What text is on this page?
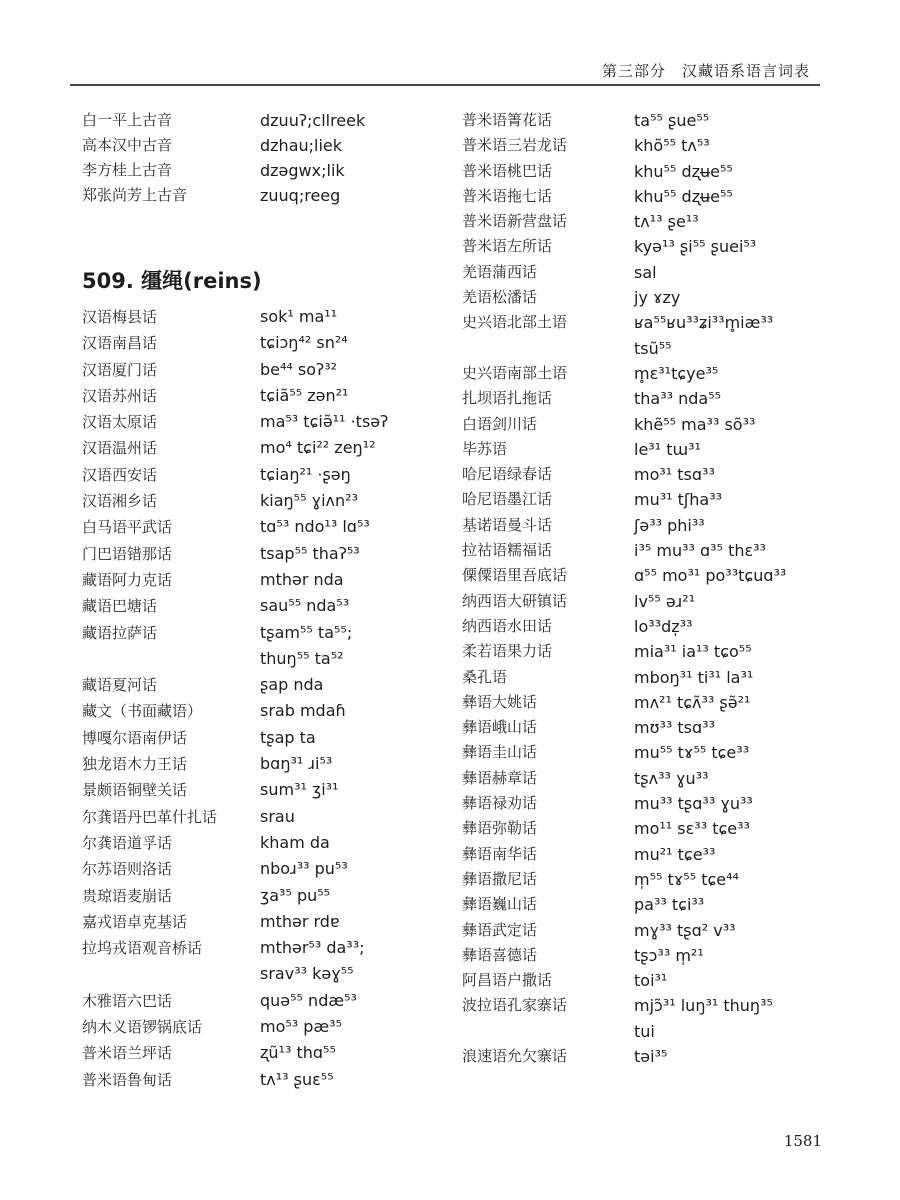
第三部分　汉藏语系语言词表
白一平上古音	dzuuʔ;cllreek
高本汉中古音	dzhau;liek
李方桂上古音	dzəgwx;lik
郑张尚芳上古音	zuuq;reeg
509. 缰绳(reins)
汉语梅县话	sok¹ ma¹¹
汉语南昌话	tɕiɔŋ⁴² sn²⁴
汉语厦门话	be⁴⁴ soʔ³²
汉语苏州话	tɕiã⁵⁵ zən²¹
汉语太原话	ma⁵³ tɕiə̃¹¹ ·tsəʔ
汉语温州话	mo⁴ tɕi²² zeŋ¹²
汉语西安话	tɕiaŋ²¹ ·ʂəŋ
汉语湘乡话	kiaŋ⁵⁵ ɣiʌn²³
白马语平武话	tɑ⁵³ ndo¹³ lɑ⁵³
门巴语错那话	tsap⁵⁵ thaʔ⁵³
藏语阿力克话	mthər nda
藏语巴塘话	sau⁵⁵ nda⁵³
藏语拉萨话	tʂam⁵⁵ ta⁵⁵;
thuŋ⁵⁵ ta⁵²
藏语夏河话	ʂap nda
藏文（书面藏语）	srab mdaɦ
博嘎尔语南伊话	tʂap ta
独龙语木力王话	bɑŋ³¹ ɹi⁵³
景颇语铜壁关话	sum³¹ ʒi³¹
尔龚语丹巴革什扎话	srau
尔龚语道孚话	kham da
尔苏语则洛话	nboɹ³³ pu⁵³
贵琼语麦崩话	ʒa³⁵ pu⁵⁵
嘉戎语卓克基话	mthər rdɐ
拉坞戎语观音桥话	mthər⁵³ da³³;
srav³³ kəɣ⁵⁵
木雅语六巴话	quə⁵⁵ ndæ⁵³
纳木义语锣锅底话	mo⁵³ pæ³⁵
普米语兰坪话	ʐũ¹³ thɑ⁵⁵
普米语鲁甸话	tʌ¹³ ʂuɛ⁵⁵
普米语箐花话	ta⁵⁵ ʂue⁵⁵
普米语三岩龙话	khõ⁵⁵ tʌ⁵³
普米语桃巴话	khu⁵⁵ dʐʉe⁵⁵
普米语拖七话	khu⁵⁵ dʐʉe⁵⁵
普米语新营盘话	tʌ¹³ ʂe¹³
普米语左所话	kyə¹³ ʂi⁵⁵ ʂuei⁵³
羌语蒲西话	sal
羌语松潘话	jy ɤzy
史兴语北部土语	ʁa⁵⁵ʁu³³ʑi³³m̥iæ³³
tsũ⁵⁵
史兴语南部土语	m̥ɛ³¹tɕye³⁵
扎坝语扎拖话	tha³³ nda⁵⁵
白语剑川话	khẽ⁵⁵ ma³³ sõ³³
毕苏语	le³¹ tɯ³¹
哈尼语绿春话	mo³¹ tsɑ³³
哈尼语墨江话	mu³¹ tʃha³³
基诺语曼斗话	ʃə³³ phi³³
拉祜语糯福话	i³⁵ mu³³ ɑ³⁵ thɛ³³
傈僳语里吾底话	ɑ⁵⁵ mo³¹ po³³tɕuɑ³³
纳西语大研镇话	lv⁵⁵ əɹ²¹
纳西语水田话	lo³³dz̩³³
柔若语果力话	mia³¹ ia¹³ tɕo⁵⁵
桑孔语	mboŋ³¹ ti³¹ la³¹
彝语大姚话	mʌ²¹ tɕʌ̃³³ ʂə̃²¹
彝语峨山话	mʊ³³ tsɑ³³
彝语圭山话	mu⁵⁵ tɤ⁵⁵ tɕe³³
彝语赫章话	tʂʌ³³ ɣu³³
彝语禄劝话	mu³³ tʂɑ³³ ɣu³³
彝语弥勒话	mo¹¹ sɛ³³ tɕe³³
彝语南华话	mu²¹ tɕe³³
彝语撒尼话	m̩⁵⁵ tɤ⁵⁵ tɕe⁴⁴
彝语巍山话	pa³³ tɕi³³
彝语武定话	mɣ³³ tʂɑ² v³³
彝语喜德话	tʂɔ³³ m̩²¹
阿昌语户撒话	toi³¹
波拉语孔家寨话	mjɔ̃³¹ luŋ³¹ thuŋ³⁵
tui
浪速语允欠寨话	təi³⁵
1581
